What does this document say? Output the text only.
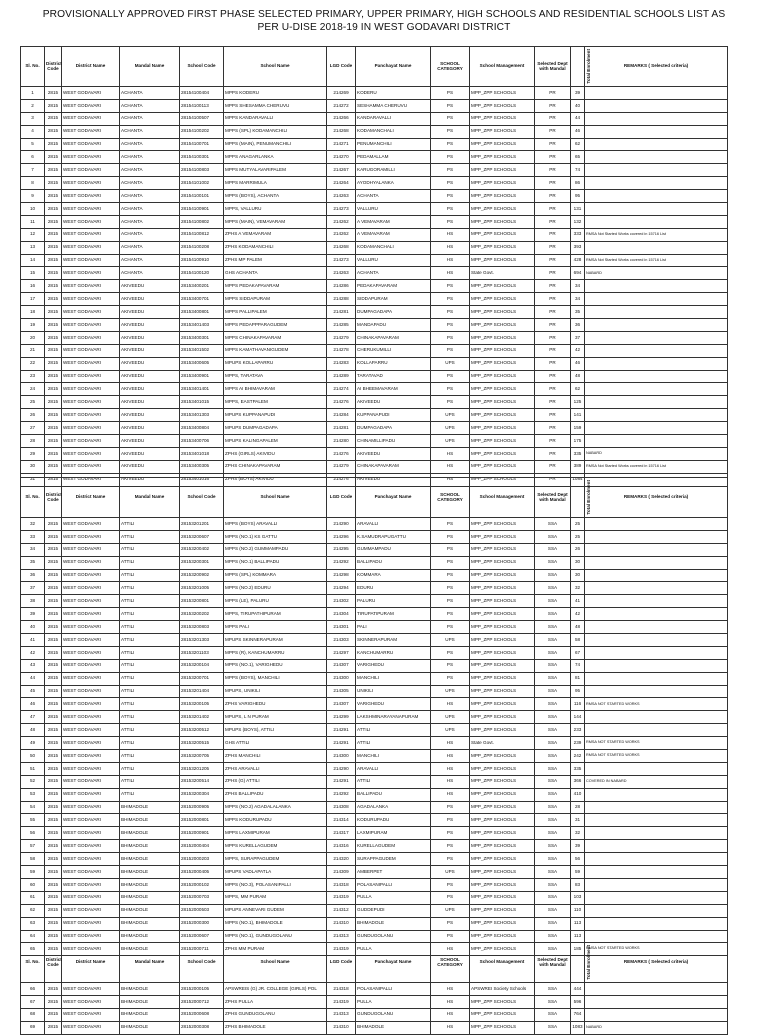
PROVISIONALLY APPROVED FIRST PHASE SELECTED PRIMARY, UPPER PRIMARY, HIGH SCHOOLS AND RESIDENTIAL SCHOOLS LIST AS PER U-DISE 2018-19 IN WEST GODAVARI DISTRICT
Sl. No.	District Code	District Name	Mandal Name	School Code	School Name	LGD Code	Panchayat Name	SCHOOL CATEGORY	School Management	Selected Dept with Mandal	Total Enrolment	REMARKS ( Selected criteria)
1	2815	WEST GODAVARI	ACHANTA	28154100404	MPPS KODERU	214269	KODERU	PS	MPP_ZPP SCHOOLS	PR	39	
2	2815	WEST GODAVARI	ACHANTA	28154100113	MPPS SHESAMMA CHERUVU	214272	SESHAMMA CHERUVU	PS	MPP_ZPP SCHOOLS	PR	40	
3	2815	WEST GODAVARI	ACHANTA	28154100507	MPPS KANDARAVALLI	214266	KANDARAVALLI	PS	MPP_ZPP SCHOOLS	PR	44	
4	2815	WEST GODAVARI	ACHANTA	28154100202	MPPS (SPL) KODAMANCHILI	214268	KODAMANCHALI	PS	MPP_ZPP SCHOOLS	PR	46	
5	2815	WEST GODAVARI	ACHANTA	28154100701	MPPS (MAIN), PENUMANCHILI	214271	PENUMANCHILI	PS	MPP_ZPP SCHOOLS	PR	62	
6	2815	WEST GODAVARI	ACHANTA	28154100301	MPPS ANAGARLANKA	214270	PEDAMALLAM	PS	MPP_ZPP SCHOOLS	PR	65	
7	2815	WEST GODAVARI	ACHANTA	28154100803	MPPS MUTYALAVARIPALEM	214267	KARUGORAMILLI	PS	MPP_ZPP SCHOOLS	PR	74	
8	2815	WEST GODAVARI	ACHANTA	28154101002	MPPS MARRIMULA	214264	AYODHYALANKA	PS	MPP_ZPP SCHOOLS	PR	86	
9	2815	WEST GODAVARI	ACHANTA	28154100101	MPPS (BOYS), ACHANTA	214263	ACHANTA	PS	MPP_ZPP SCHOOLS	PR	95	
10	2815	WEST GODAVARI	ACHANTA	28154100901	MPPS, VALLURU	214273	VALLURU	PS	MPP_ZPP SCHOOLS	PR	131	
11	2815	WEST GODAVARI	ACHANTA	28154100802	MPPS (MAIN), VEMAVARAM	214262	A VEMAVARAM	PS	MPP_ZPP SCHOOLS	PR	132	
12	2815	WEST GODAVARI	ACHANTA	28154100812	ZPHS A VEMAVARAM	214262	A VEMAVARAM	HS	MPP_ZPP SCHOOLS	PR	333	RMSA Not Started Works covered in 15716 List
13	2815	WEST GODAVARI	ACHANTA	28154100208	ZPHS KODAMANCHILI	214268	KODAMANCHALI	HS	MPP_ZPP SCHOOLS	PR	393	
14	2815	WEST GODAVARI	ACHANTA	28154100910	ZPHS MP PALEM	214273	VALLURU	HS	MPP_ZPP SCHOOLS	PR	428	RMSA Not Started Works covered in 15716 List
15	2815	WEST GODAVARI	ACHANTA	28154100120	GHS ACHANTA	214263	ACHANTA	HS	State Govt.	PR	694	NABARD
16	2815	WEST GODAVARI	AKIVEEDU	28153400201	MPPS PEDAKAPAVARAM	214286	PEDAKAPAVARAM	PS	MPP_ZPP SCHOOLS	PR	34	
17	2815	WEST GODAVARI	AKIVEEDU	28153400701	MPPS SIDDAPURAM	214288	SIDDAPURAM	PS	MPP_ZPP SCHOOLS	PR	34	
18	2815	WEST GODAVARI	AKIVEEDU	28153400801	MPPS PALLIPALEM	214281	DUMPAGADAPA	PS	MPP_ZPP SCHOOLS	PR	35	
19	2815	WEST GODAVARI	AKIVEEDU	28153401403	MPPS PEDAPPPARAGUDEM	214285	MANDAPADU	PS	MPP_ZPP SCHOOLS	PR	36	
20	2815	WEST GODAVARI	AKIVEEDU	28153400301	MPPS CHINAKAPAVARAM	214279	CHINAKAPAVARAM	PS	MPP_ZPP SCHOOLS	PR	37	
21	2815	WEST GODAVARI	AKIVEEDU	28153401502	MPPS KAMATHAVANIGUDEM	214278	CHERUKUMILLI	PS	MPP_ZPP SCHOOLS	PR	42	
22	2815	WEST GODAVARI	AKIVEEDU	28153400605	MPUPS KOLLAPARRU	214283	KOLLAPARRU	UPS	MPP_ZPP SCHOOLS	PR	46	
23	2815	WEST GODAVARI	AKIVEEDU	28153400901	MPPS, TARATAVA	214289	TARATAVAD	PS	MPP_ZPP SCHOOLS	PR	48	
24	2815	WEST GODAVARI	AKIVEEDU	28153401401	MPPS AI BHIMAVARAM	214274	AI BHEEMAVARAM	PS	MPP_ZPP SCHOOLS	PR	62	
25	2815	WEST GODAVARI	AKIVEEDU	28153401015	MPPS, EASTPALEM	214276	AKIVEEDU	PS	MPP_ZPP SCHOOLS	PR	125	
26	2815	WEST GODAVARI	AKIVEEDU	28153401303	MPUPS KUPPANAPUDI	214284	KUPPANAPUDI	UPS	MPP_ZPP SCHOOLS	PR	141	
27	2815	WEST GODAVARI	AKIVEEDU	28153400804	MPUPS DUMPAGADAPA	214281	DUMPAGADAPA	UPS	MPP_ZPP SCHOOLS	PR	159	
28	2815	WEST GODAVARI	AKIVEEDU	28153400706	MPUPS KALINGAPALEM	214280	CHINAMILLIPADU	UPS	MPP_ZPP SCHOOLS	PR	175	
29	2815	WEST GODAVARI	AKIVEEDU	28153401018	ZPHS (GIRLS) AKIVIDU	214276	AKIVEEDU	HS	MPP_ZPP SCHOOLS	PR	335	NABARD
30	2815	WEST GODAVARI	AKIVEEDU	28153400305	ZPHS CHINAKAPAVARAM	214279	CHINAKAPAVARAM	HS	MPP_ZPP SCHOOLS	PR	389	RMSA Not Started Works covered in 15716 List
31	2815	WEST GODAVARI	AKIVEEDU	28153401016	ZPHS (BOYS) AKIVIDU	214276	AKIVEEDU	HS	MPP_ZPP SCHOOLS	PR	1084	
Sl. No.	District Code	District Name	Mandal Name	School Code	School Name	LGD Code	Panchayat Name	SCHOOL CATEGORY	School Management	Selected Dept with Mandal	Total Enrolment	REMARKS ( Selected criteria)
32	2815	WEST GODAVARI	ATTILI	28153201201	MPPS (BOYS) ARAVALLI	214290	ARAVALLI	PS	MPP_ZPP SCHOOLS	SSA	25	
33	2815	WEST GODAVARI	ATTILI	28153200607	MPPS (NO.1) KS GATTU	214296	K.SAMUDRAPUGATTU	PS	MPP_ZPP SCHOOLS	SSA	25	
34	2815	WEST GODAVARI	ATTILI	28153200402	MPPS (NO.2) GUMMAMPADU	214295	GUMMAMPADU	PS	MPP_ZPP SCHOOLS	SSA	26	
35	2815	WEST GODAVARI	ATTILI	28153200301	MPPS (NO.1) BALLIPADU	214292	BALLIPADU	PS	MPP_ZPP SCHOOLS	SSA	30	
36	2815	WEST GODAVARI	ATTILI	28153200902	MPPS (SPL) KOMMARA	214298	KOMMARA	PS	MPP_ZPP SCHOOLS	SSA	30	
37	2815	WEST GODAVARI	ATTILI	28153201005	MPPS (NO.2) EDURU	214294	EDURU	PS	MPP_ZPP SCHOOLS	SSA	32	
38	2815	WEST GODAVARI	ATTILI	28153200801	MPPS (LE), PALURU	214302	PALURU	PS	MPP_ZPP SCHOOLS	SSA	41	
39	2815	WEST GODAVARI	ATTILI	28153200202	MPPS, TIRUPATHIPURAM	214304	TIRUPATIPURAM	PS	MPP_ZPP SCHOOLS	SSA	42	
40	2815	WEST GODAVARI	ATTILI	28153200803	MPPS PALI	214301	PALI	PS	MPP_ZPP SCHOOLS	SSA	48	
41	2815	WEST GODAVARI	ATTILI	28153201303	MPUPS SKINNERAPURAM	214303	SKINNERAPURAM	UPS	MPP_ZPP SCHOOLS	SSA	58	
42	2815	WEST GODAVARI	ATTILI	28153201103	MPPS (R), KANCHUMARRU	214297	KANCHUMARRU	PS	MPP_ZPP SCHOOLS	SSA	67	
43	2815	WEST GODAVARI	ATTILI	28153200104	MPPS (NO.1), VARIGHEDU	214307	VARIGHEDU	PS	MPP_ZPP SCHOOLS	SSA	74	
44	2815	WEST GODAVARI	ATTILI	28153200701	MPPS (BOYS), MANCHILI	214300	MANCHILI	PS	MPP_ZPP SCHOOLS	SSA	81	
45	2815	WEST GODAVARI	ATTILI	28153201404	MPUPS, UNIKILI	214305	UNIKILI	UPS	MPP_ZPP SCHOOLS	SSA	95	
46	2815	WEST GODAVARI	ATTILI	28153200105	ZPHS VARIGHEDU	214307	VARIGHEDU	HS	MPP_ZPP SCHOOLS	SSA	116	RMSA NOT STARTED WORKS
47	2815	WEST GODAVARI	ATTILI	28153201402	MPUPS, L N PURAM	214299	LAKSHMINARAYANAPURAM	UPS	MPP_ZPP SCHOOLS	SSA	144	
48	2815	WEST GODAVARI	ATTILI	28153200512	MPUPS (BOYS), ATTILI	214291	ATTILI	UPS	MPP_ZPP SCHOOLS	SSA	233	
49	2815	WEST GODAVARI	ATTILI	28153200515	GHS ATTILI	214291	ATTILI	HS	State Govt.	SSA	239	RMSA NOT STARTED WORKS
50	2815	WEST GODAVARI	ATTILI	28153200705	ZPHS MANCHILI	214300	MANCHILI	HS	MPP_ZPP SCHOOLS	SSA	242	RMSA NOT STARTED WORKS
51	2815	WEST GODAVARI	ATTILI	28153201205	ZPHS ARAVALLI	214290	ARAVALLI	HS	MPP_ZPP SCHOOLS	SSA	335	
52	2815	WEST GODAVARI	ATTILI	28153200514	ZPHS (G) ATTILI	214291	ATTILI	HS	MPP_ZPP SCHOOLS	SSA	366	COVERED IN NABARD
53	2815	WEST GODAVARI	ATTILI	28153200304	ZPHS BALLIPADU	214292	BALLIPADU	HS	MPP_ZPP SCHOOLS	SSA	410	
54	2815	WEST GODAVARI	BHIMADOLE	28152000905	MPPS (NO.2) AGADALALANKA	214308	AGADALANKA	PS	MPP_ZPP SCHOOLS	SSA	28	
55	2815	WEST GODAVARI	BHIMADOLE	28152000801	MPPS KODURUPADU	214314	KODURUPADU	PS	MPP_ZPP SCHOOLS	SSA	31	
56	2815	WEST GODAVARI	BHIMADOLE	28152000901	MPPS LAXMIPURAM	214317	LAXMIPURAM	PS	MPP_ZPP SCHOOLS	SSA	32	
57	2815	WEST GODAVARI	BHIMADOLE	28152000404	MPPS KURELLAGUDEM	214316	KURELLAGUDEM	PS	MPP_ZPP SCHOOLS	SSA	39	
58	2815	WEST GODAVARI	BHIMADOLE	28152000203	MPPS, SURAPPAGUDEM	214320	SURAPPAGUDEM	PS	MPP_ZPP SCHOOLS	SSA	56	
59	2815	WEST GODAVARI	BHIMADOLE	28152000405	MPUPS VADLAPATLA	214309	AMBERPET	UPS	MPP_ZPP SCHOOLS	SSA	59	
60	2815	WEST GODAVARI	BHIMADOLE	28152000102	MPPS (NO.3), POLASANIPALLI	214318	POLASANIPALLI	PS	MPP_ZPP SCHOOLS	SSA	83	
61	2815	WEST GODAVARI	BHIMADOLE	28152000703	MPPS, MM PURAM	214319	PULLA	PS	MPP_ZPP SCHOOLS	SSA	103	
62	2815	WEST GODAVARI	BHIMADOLE	28152000503	MPUPS ANNEVARI GUDEM	214312	GUDDEPUDI	UPS	MPP_ZPP SCHOOLS	SSA	110	
63	2815	WEST GODAVARI	BHIMADOLE	28152000300	MPPS (NO.1), BHIMADOLE	214310	BHIMADOLE	PS	MPP_ZPP SCHOOLS	SSA	113	
64	2815	WEST GODAVARI	BHIMADOLE	28152000607	MPPS (NO.1), GUNDUGOLANU	214313	GUNDUGOLANU	PS	MPP_ZPP SCHOOLS	SSA	113	
65	2815	WEST GODAVARI	BHIMADOLE	28152000711	ZPHS MM PURAM	214319	PULLA	HS	MPP_ZPP SCHOOLS	SSA	185	RMSA NOT STARTED WORKS
Sl. No.	District Code	District Name	Mandal Name	School Code	School Name	LGD Code	Panchayat Name	SCHOOL CATEGORY	School Management	Selected Dept with Mandal	Total Enrolment	REMARKS ( Selected criteria)
66	2815	WEST GODAVARI	BHIMADOLE	28152000105	APSWREIS (G) JR. COLLEGE (GIRLS) POL	214318	POLASANIPALLI	HS	APSWREI Society Schools	SSA	444	
67	2815	WEST GODAVARI	BHIMADOLE	28152000712	ZPHS PULLA	214319	PULLA	HS	MPP_ZPP SCHOOLS	SSA	596	
68	2815	WEST GODAVARI	BHIMADOLE	28152000608	ZPHS GUNDUGOLANU	214313	GUNDUGOLANU	HS	MPP_ZPP SCHOOLS	SSA	764	
69	2815	WEST GODAVARI	BHIMADOLE	28152000308	ZPHS BHIMADOLE	214310	BHIMADOLE	HS	MPP_ZPP SCHOOLS	SSA	1083	NABARD
